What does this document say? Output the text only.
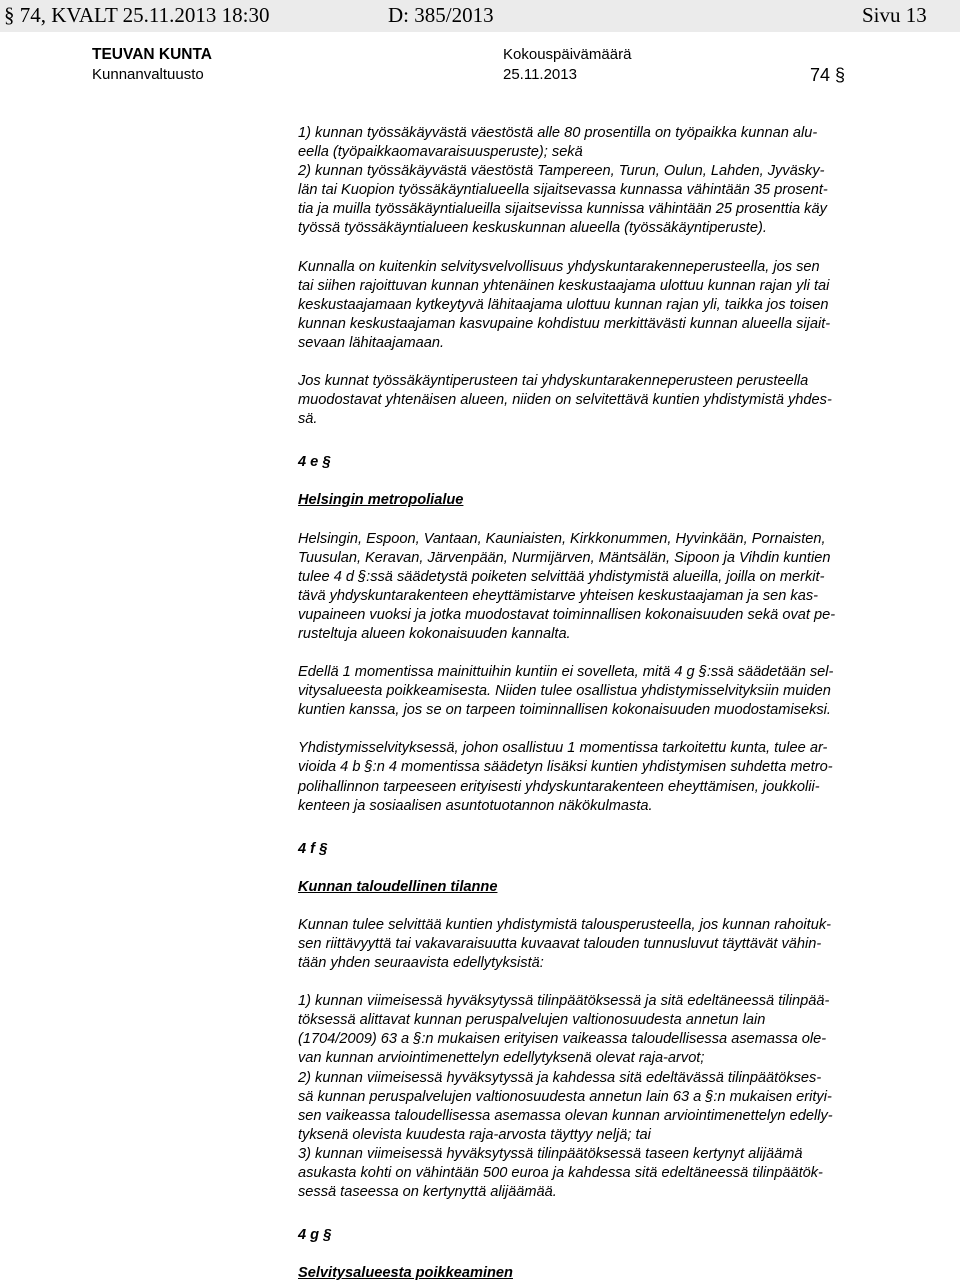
§ 74, KVALT 25.11.2013 18:30	D: 385/2013	Sivu 13
TEUVAN KUNTA
Kunnanvaltuusto
Kokouspäivämäärä
25.11.2013	74 §

1) kunnan työssäkäyvästä väestöstä alle 80 prosentilla on työpaikka kunnan alu-
eella (työpaikkaomavaraisuusperuste); sekä
2) kunnan työssäkäyvästä väestöstä Tampereen, Turun, Oulun, Lahden, Jyväsky-
län tai Kuopion työssäkäyntialueella sijaitsevassa kunnassa vähintään 35 prosent-
tia ja muilla työssäkäyntialueilla sijaitsevissa kunnissa vähintään 25 prosenttia käy
työssä työssäkäyntialueen keskuskunnan alueella (työssäkäyntiperuste).

Kunnalla on kuitenkin selvitysvelvollisuus yhdyskuntarakenneperusteella, jos sen
tai siihen rajoittuvan kunnan yhtenäinen keskustaajama ulottuu kunnan rajan yli tai
keskustaajamaan kytkeytyvä lähitaajama ulottuu kunnan rajan yli, taikka jos toisen
kunnan keskustaajaman kasvupaine kohdistuu merkittävästi kunnan alueella sijait-
sevaan lähitaajamaan.

Jos kunnat työssäkäyntiperusteen tai yhdyskuntarakenneperusteen perusteella
muodostavat yhtenäisen alueen, niiden on selvitettävä kuntien yhdistymistä yhdes-
sä.

4 e §

Helsingin metropolialue

Helsingin, Espoon, Vantaan, Kauniaisten, Kirkkonummen, Hyvinkään, Pornaisten,
Tuusulan, Keravan, Järvenpään, Nurmijärven, Mäntsälän, Sipoon ja Vihdin kuntien
tulee 4 d §:ssä säädetystä poiketen selvittää yhdistymistä alueilla, joilla on merkit-
tävä yhdyskuntarakenteen eheyttämistarve yhteisen keskustaajaman ja sen kas-
vupaineen vuoksi ja jotka muodostavat toiminnallisen kokonaisuuden sekä ovat pe-
rusteltuja alueen kokonaisuuden kannalta.

Edellä 1 momentissa mainittuihin kuntiin ei sovelleta, mitä 4 g §:ssä säädetään sel-
vitysalueesta poikkeamisesta. Niiden tulee osallistua yhdistymisselvityksiin muiden
kuntien kanssa, jos se on tarpeen toiminnallisen kokonaisuuden muodostamiseksi.

Yhdistymisselvityksessä, johon osallistuu 1 momentissa tarkoitettu kunta, tulee ar-
vioida 4 b §:n 4 momentissa säädetyn lisäksi kuntien yhdistymisen suhdetta metro-
polihallinnon tarpeeseen erityisesti yhdyskuntarakenteen eheyttämisen, joukkolii-
kenteen ja sosiaalisen asuntotuotannon näkökulmasta.

4 f §

Kunnan taloudellinen tilanne

Kunnan tulee selvittää kuntien yhdistymistä talousperusteella, jos kunnan rahoituk-
sen riittävyyttä tai vakavaraisuutta kuvaavat talouden tunnusluvut täyttävät vähin-
tään yhden seuraavista edellytyksistä:

1) kunnan viimeisessä hyväksytyssä tilinpäätöksessä ja sitä edeltäneessä tilinpää-
töksessä alittavat kunnan peruspalvelujen valtionosuudesta annetun lain
(1704/2009) 63 a §:n mukaisen erityisen vaikeassa taloudellisessa asemassa ole-
van kunnan arviointimenettelyn edellytyksenä olevat raja-arvot;
2) kunnan viimeisessä hyväksytyssä ja kahdessa sitä edeltävässä tilinpäätökses-
sä kunnan peruspalvelujen valtionosuudesta annetun lain 63 a §:n mukaisen erityi-
sen vaikeassa taloudellisessa asemassa olevan kunnan arviointimenettelyn edelly-
tyksenä olevista kuudesta raja-arvosta täyttyy neljä; tai
3) kunnan viimeisessä hyväksytyssä tilinpäätöksessä taseen kertynyt alijäämä
asukasta kohti on vähintään 500 euroa ja kahdessa sitä edeltäneessä tilinpäätök-
sessä taseessa on kertynyttä alijäämää.

4 g §

Selvitysalueesta poikkeaminen
